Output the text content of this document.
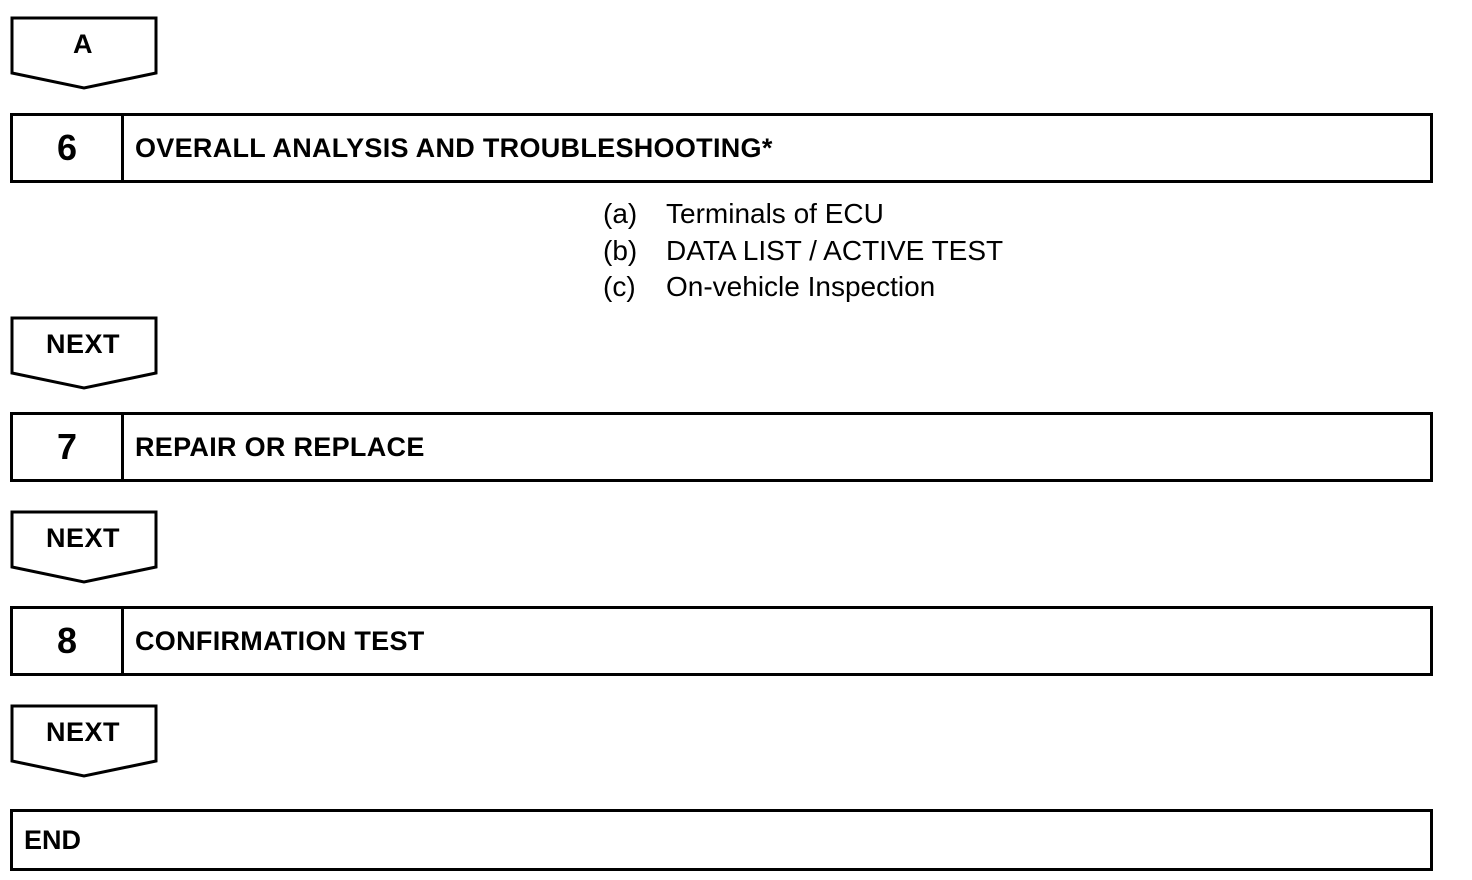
A
6	OVERALL ANALYSIS AND TROUBLESHOOTING*
(a)	Terminals of ECU
(b)	DATA LIST / ACTIVE TEST
(c)	On-vehicle Inspection
NEXT
7	REPAIR OR REPLACE
NEXT
8	CONFIRMATION TEST
NEXT
END
